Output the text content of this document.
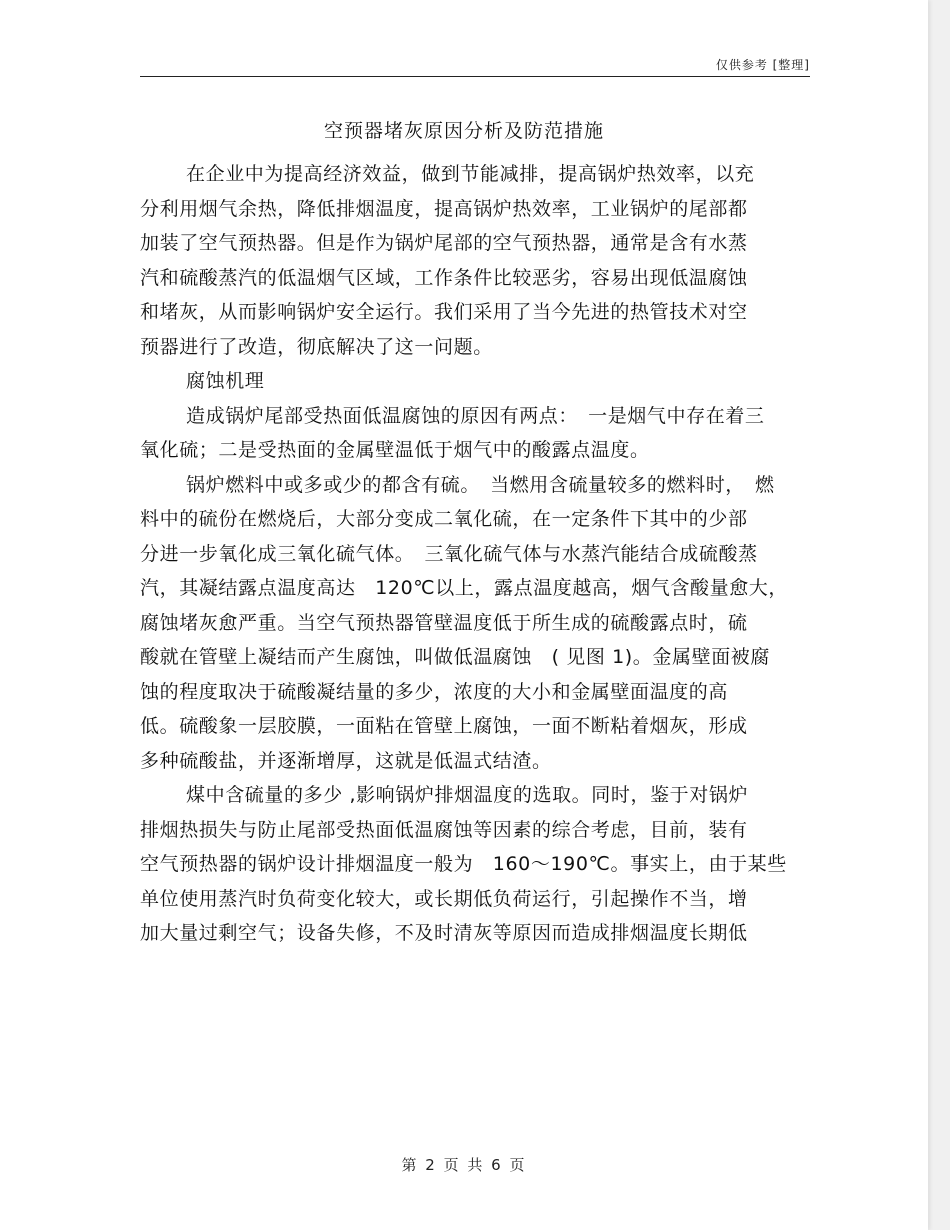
仅供参考 [整理]
空预器堵灰原因分析及防范措施
在企业中为提高经济效益，做到节能减排，提高锅炉热效率，以充
分利用烟气余热，降低排烟温度，提高锅炉热效率，工业锅炉的尾部都
加装了空气预热器。但是作为锅炉尾部的空气预热器，通常是含有水蒸
汽和硫酸蒸汽的低温烟气区域，工作条件比较恶劣，容易出现低温腐蚀
和堵灰，从而影响锅炉安全运行。我们采用了当今先进的热管技术对空
预器进行了改造，彻底解决了这一问题。
腐蚀机理
造成锅炉尾部受热面低温腐蚀的原因有两点：　一是烟气中存在着三
氧化硫；二是受热面的金属壁温低于烟气中的酸露点温度。
锅炉燃料中或多或少的都含有硫。　当燃用含硫量较多的燃料时，　燃
料中的硫份在燃烧后，大部分变成二氧化硫，在一定条件下其中的少部
分进一步氧化成三氧化硫气体。　三氧化硫气体与水蒸汽能结合成硫酸蒸
汽，其凝结露点温度高达　120℃以上，露点温度越高，烟气含酸量愈大，
腐蚀堵灰愈严重。当空气预热器管壁温度低于所生成的硫酸露点时，硫
酸就在管壁上凝结而产生腐蚀，叫做低温腐蚀　( 见图 1)。金属壁面被腐
蚀的程度取决于硫酸凝结量的多少，浓度的大小和金属壁面温度的高
低。硫酸象一层胶膜，一面粘在管壁上腐蚀，一面不断粘着烟灰，形成
多种硫酸盐，并逐渐增厚，这就是低温式结渣。
煤中含硫量的多少 ,影响锅炉排烟温度的选取。同时，鉴于对锅炉
排烟热损失与防止尾部受热面低温腐蚀等因素的综合考虑，目前，装有
空气预热器的锅炉设计排烟温度一般为　160～190℃。事实上，由于某些
单位使用蒸汽时负荷变化较大，或长期低负荷运行，引起操作不当，增
加大量过剩空气；设备失修，不及时清灰等原因而造成排烟温度长期低
第 2 页 共 6 页
